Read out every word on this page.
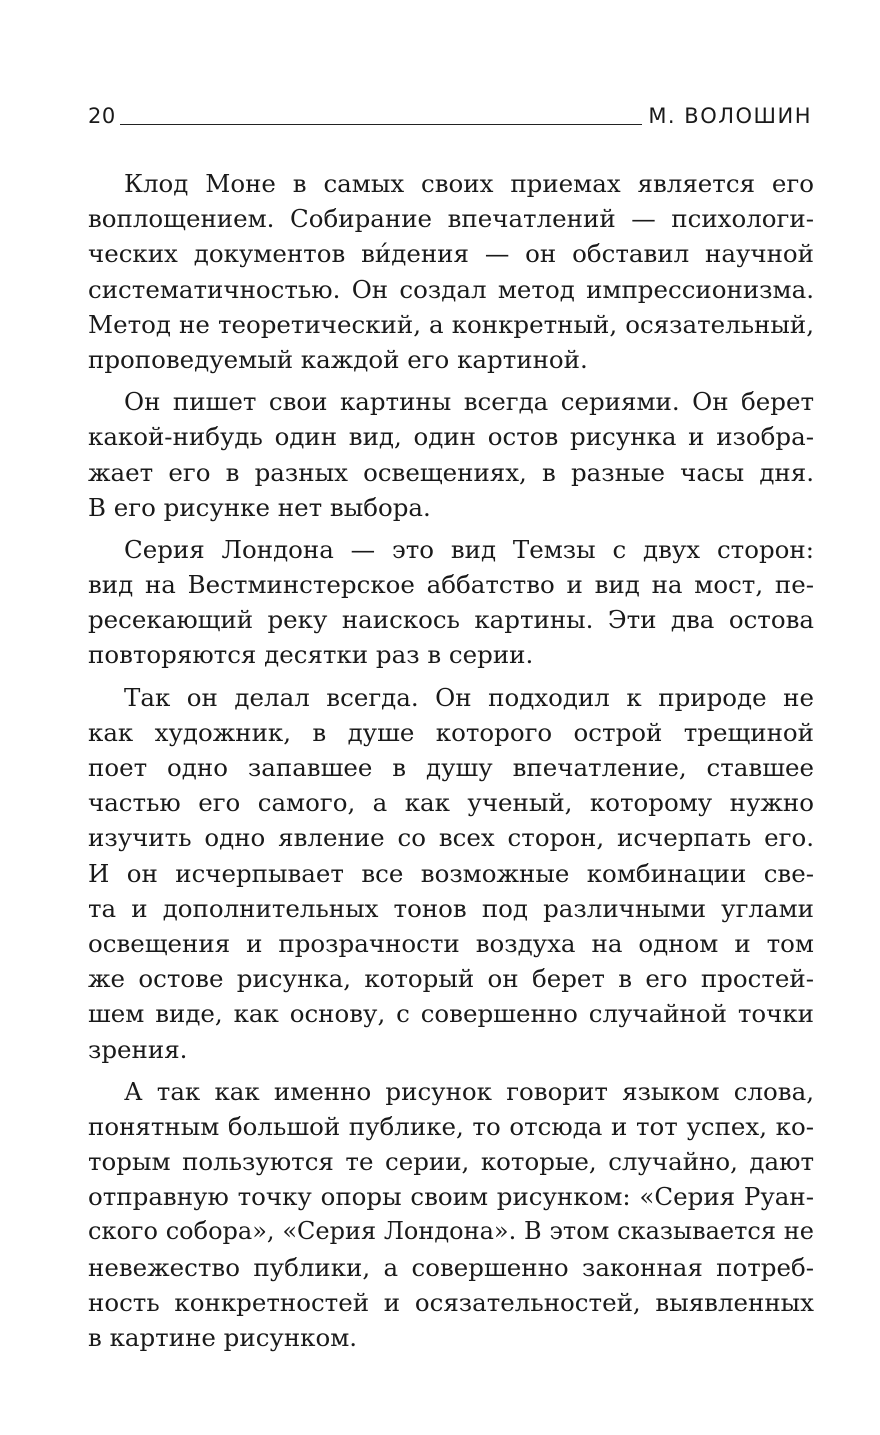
20	М. ВОЛОШИН

Клод Моне в самых своих приемах является его
воплощением. Собирание впечатлений — психологи-
ческих документов ви́дения — он обставил научной
систематичностью. Он создал метод импрессионизма.
Метод не теоретический, а конкретный, осязательный,
проповедуемый каждой его картиной.

Он пишет свои картины всегда сериями. Он берет
какой-нибудь один вид, один остов рисунка и изобра-
жает его в разных освещениях, в разные часы дня.
В его рисунке нет выбора.

Серия Лондона — это вид Темзы с двух сторон:
вид на Вестминстерское аббатство и вид на мост, пе-
ресекающий реку наискось картины. Эти два остова
повторяются десятки раз в серии.

Так он делал всегда. Он подходил к природе не
как художник, в душе которого острой трещиной
поет одно запавшее в душу впечатление, ставшее
частью его самого, а как ученый, которому нужно
изучить одно явление со всех сторон, исчерпать его.
И он исчерпывает все возможные комбинации све-
та и дополнительных тонов под различными углами
освещения и прозрачности воздуха на одном и том
же остове рисунка, который он берет в его простей-
шем виде, как основу, с совершенно случайной точки
зрения.

А так как именно рисунок говорит языком слова,
понятным большой публике, то отсюда и тот успех, ко-
торым пользуются те серии, которые, случайно, дают
отправную точку опоры своим рисунком: «Серия Руан-
ского собора», «Серия Лондона». В этом сказывается не
невежество публики, а совершенно законная потреб-
ность конкретностей и осязательностей, выявленных
в картине рисунком.
